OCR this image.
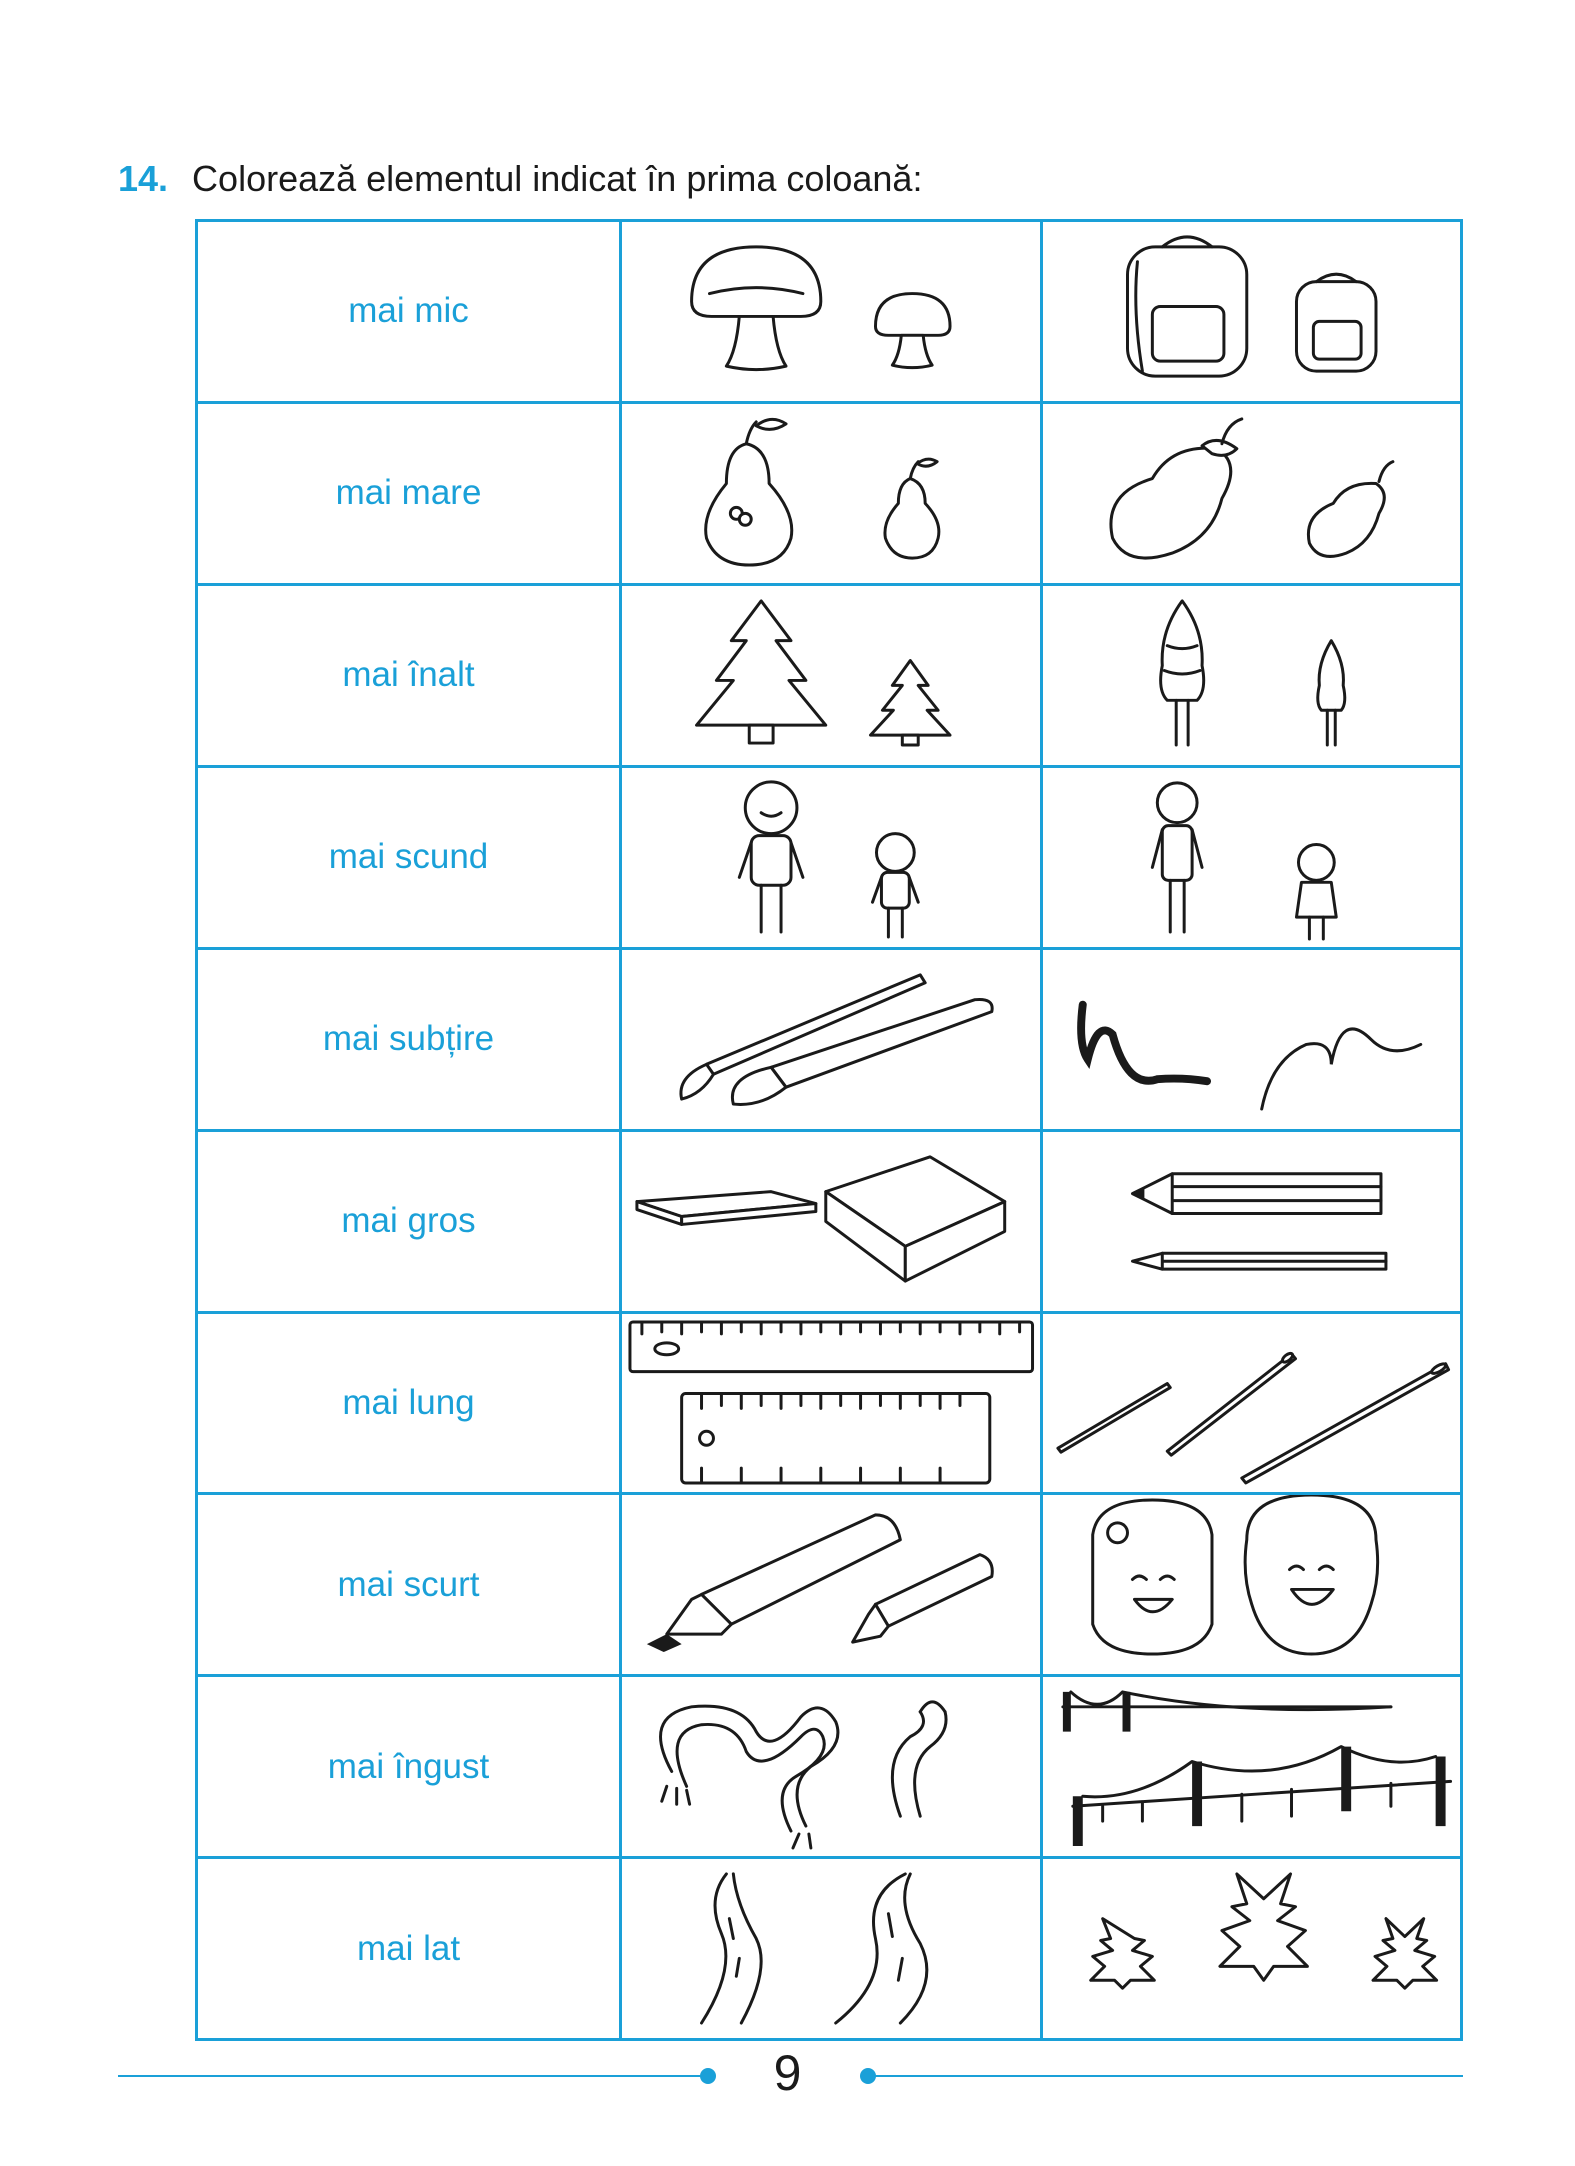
14. Colorează elementul indicat în prima coloană:
mai mic	

mai mare	

mai înalt	

mai scund	

mai subțire	

mai gros	

mai lung	

mai scurt	

mai îngust	

mai lat	

9
